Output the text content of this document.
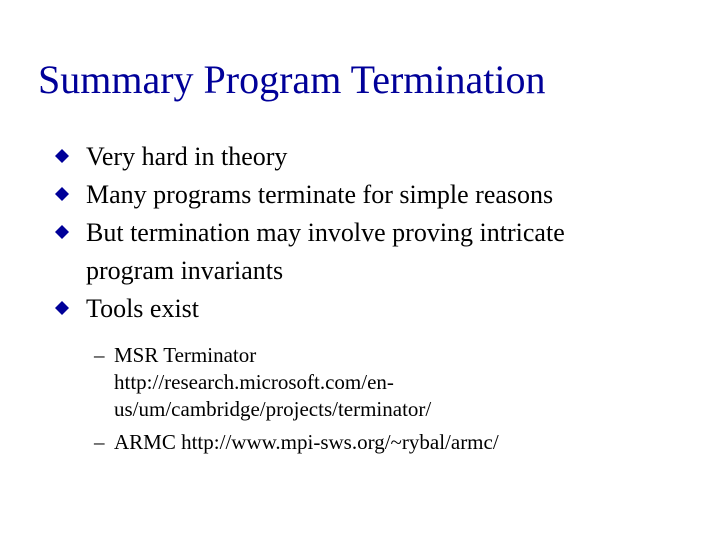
Summary Program Termination
Very hard in theory
Many programs terminate for simple reasons
But termination may involve proving intricate
program invariants
Tools exist
– MSR Terminator
http://research.microsoft.com/en-
us/um/cambridge/projects/terminator/
– ARMC http://www.mpi-sws.org/~rybal/armc/
